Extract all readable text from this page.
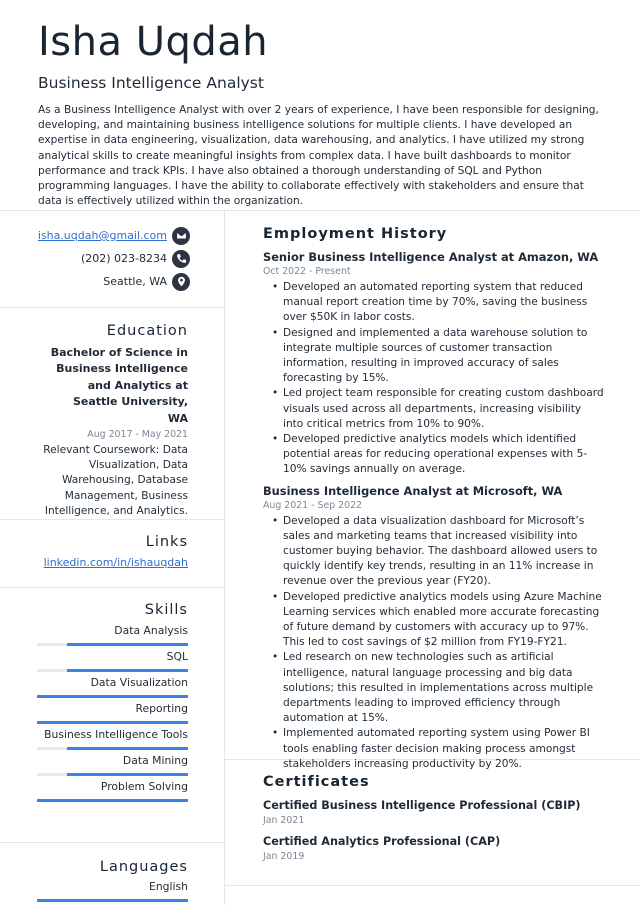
Isha Uqdah
Business Intelligence Analyst

As a Business Intelligence Analyst with over 2 years of experience, I have been responsible for designing, developing, and maintaining business intelligence solutions for multiple clients. I have developed an expertise in data engineering, visualization, data warehousing, and analytics. I have utilized my strong analytical skills to create meaningful insights from complex data. I have built dashboards to monitor performance and track KPIs. I have also obtained a thorough understanding of SQL and Python programming languages. I have the ability to collaborate effectively with stakeholders and ensure that data is effectively utilized within the organization.

isha.uqdah@gmail.com
(202) 023-8234
Seattle, WA
Education
Bachelor of Science in Business Intelligence and Analytics at Seattle University, WA
Aug 2017 - May 2021
Relevant Coursework: Data Visualization, Data Warehousing, Database Management, Business Intelligence, and Analytics.
Links
linkedin.com/in/ishauqdah
Skills
Data Analysis
SQL
Data Visualization
Reporting
Business Intelligence Tools
Data Mining
Problem Solving
Languages
English
Employment History
Senior Business Intelligence Analyst at Amazon, WA
Oct 2022 - Present
• Developed an automated reporting system that reduced manual report creation time by 70%, saving the business over $50K in labor costs.
• Designed and implemented a data warehouse solution to integrate multiple sources of customer transaction information, resulting in improved accuracy of sales forecasting by 15%.
• Led project team responsible for creating custom dashboard visuals used across all departments, increasing visibility into critical metrics from 10% to 90%.
• Developed predictive analytics models which identified potential areas for reducing operational expenses with 5-10% savings annually on average.
Business Intelligence Analyst at Microsoft, WA
Aug 2021 - Sep 2022
• Developed a data visualization dashboard for Microsoft’s sales and marketing teams that increased visibility into customer buying behavior. The dashboard allowed users to quickly identify key trends, resulting in an 11% increase in revenue over the previous year (FY20).
• Developed predictive analytics models using Azure Machine Learning services which enabled more accurate forecasting of future demand by customers with accuracy up to 97%. This led to cost savings of $2 million from FY19-FY21.
• Led research on new technologies such as artificial intelligence, natural language processing and big data solutions; this resulted in implementations across multiple departments leading to improved efficiency through automation at 15%.
• Implemented automated reporting system using Power BI tools enabling faster decision making process amongst stakeholders increasing productivity by 20%.
Certificates
Certified Business Intelligence Professional (CBIP)
Jan 2021
Certified Analytics Professional (CAP)
Jan 2019
